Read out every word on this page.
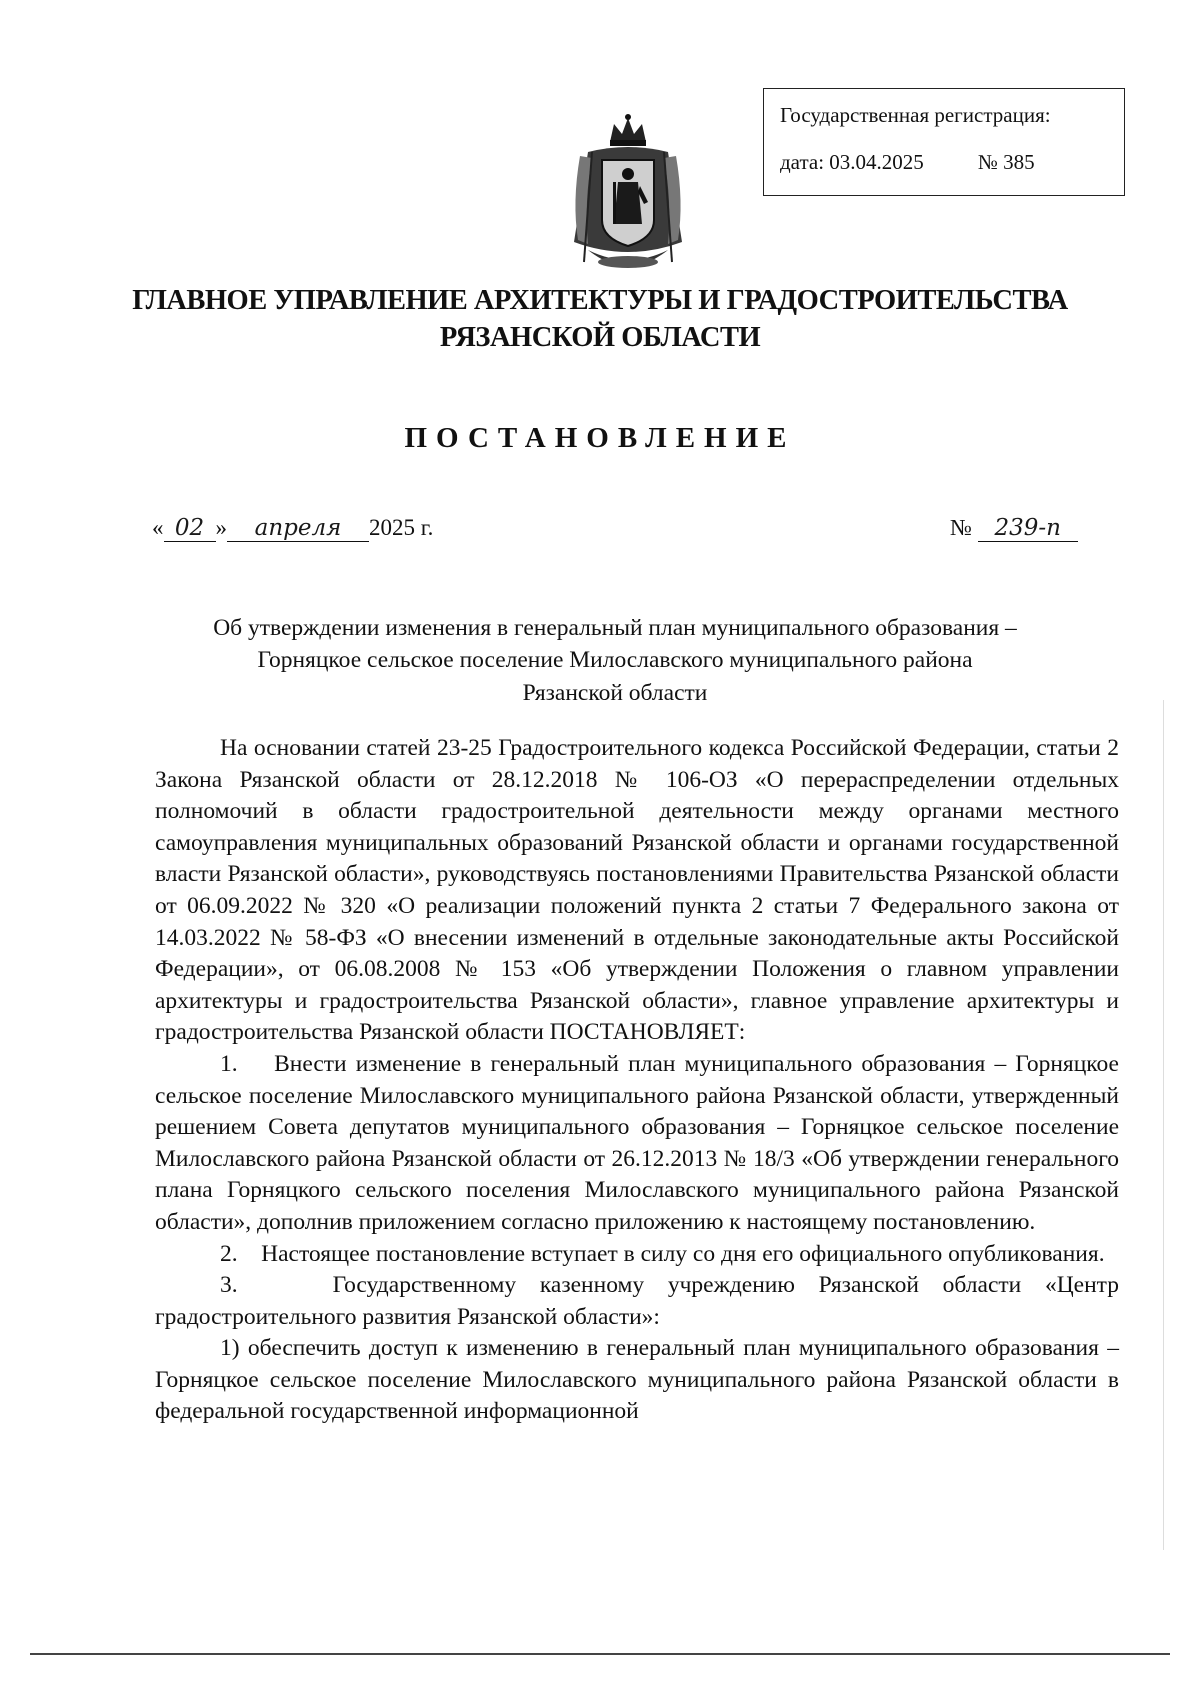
Государственная регистрация:
дата: 03.04.2025	№ 385
ГЛАВНОЕ УПРАВЛЕНИЕ АРХИТЕКТУРЫ И ГРАДОСТРОИТЕЛЬСТВА
РЯЗАНСКОЙ ОБЛАСТИ
ПОСТАНОВЛЕНИЕ
« 02 » апреля 2025 г.	№ 239-п
Об утверждении изменения в генеральный план муниципального образования –
Горняцкое сельское поселение Милославского муниципального района
Рязанской области

На основании статей 23-25 Градостроительного кодекса Российской Федерации, статьи 2 Закона Рязанской области от 28.12.2018 № 106-ОЗ «О перераспределении отдельных полномочий в области градостроительной деятельности между органами местного самоуправления муниципальных образований Рязанской области и органами государственной власти Рязанской области», руководствуясь постановлениями Правительства Рязанской области от 06.09.2022 № 320 «О реализации положений пункта 2 статьи 7 Федерального закона от 14.03.2022 № 58-ФЗ «О внесении изменений в отдельные законодательные акты Российской Федерации», от 06.08.2008 № 153 «Об утверждении Положения о главном управлении архитектуры и градостроительства Рязанской области», главное управление архитектуры и градостроительства Рязанской области ПОСТАНОВЛЯЕТ:

1.    Внести изменение в генеральный план муниципального образования – Горняцкое сельское поселение Милославского муниципального района Рязанской области, утвержденный решением Совета депутатов муниципального образования – Горняцкое сельское поселение Милославского района Рязанской области от 26.12.2013 № 18/3 «Об утверждении генерального плана Горняцкого сельского поселения Милославского муниципального района Рязанской области», дополнив приложением согласно приложению к настоящему постановлению.

2.    Настоящее постановление вступает в силу со дня его официального опубликования.

3.    Государственному казенному учреждению Рязанской области «Центр градостроительного развития Рязанской области»:

1) обеспечить доступ к изменению в генеральный план муниципального образования – Горняцкое сельское поселение Милославского муниципального района Рязанской области в федеральной государственной информационной
